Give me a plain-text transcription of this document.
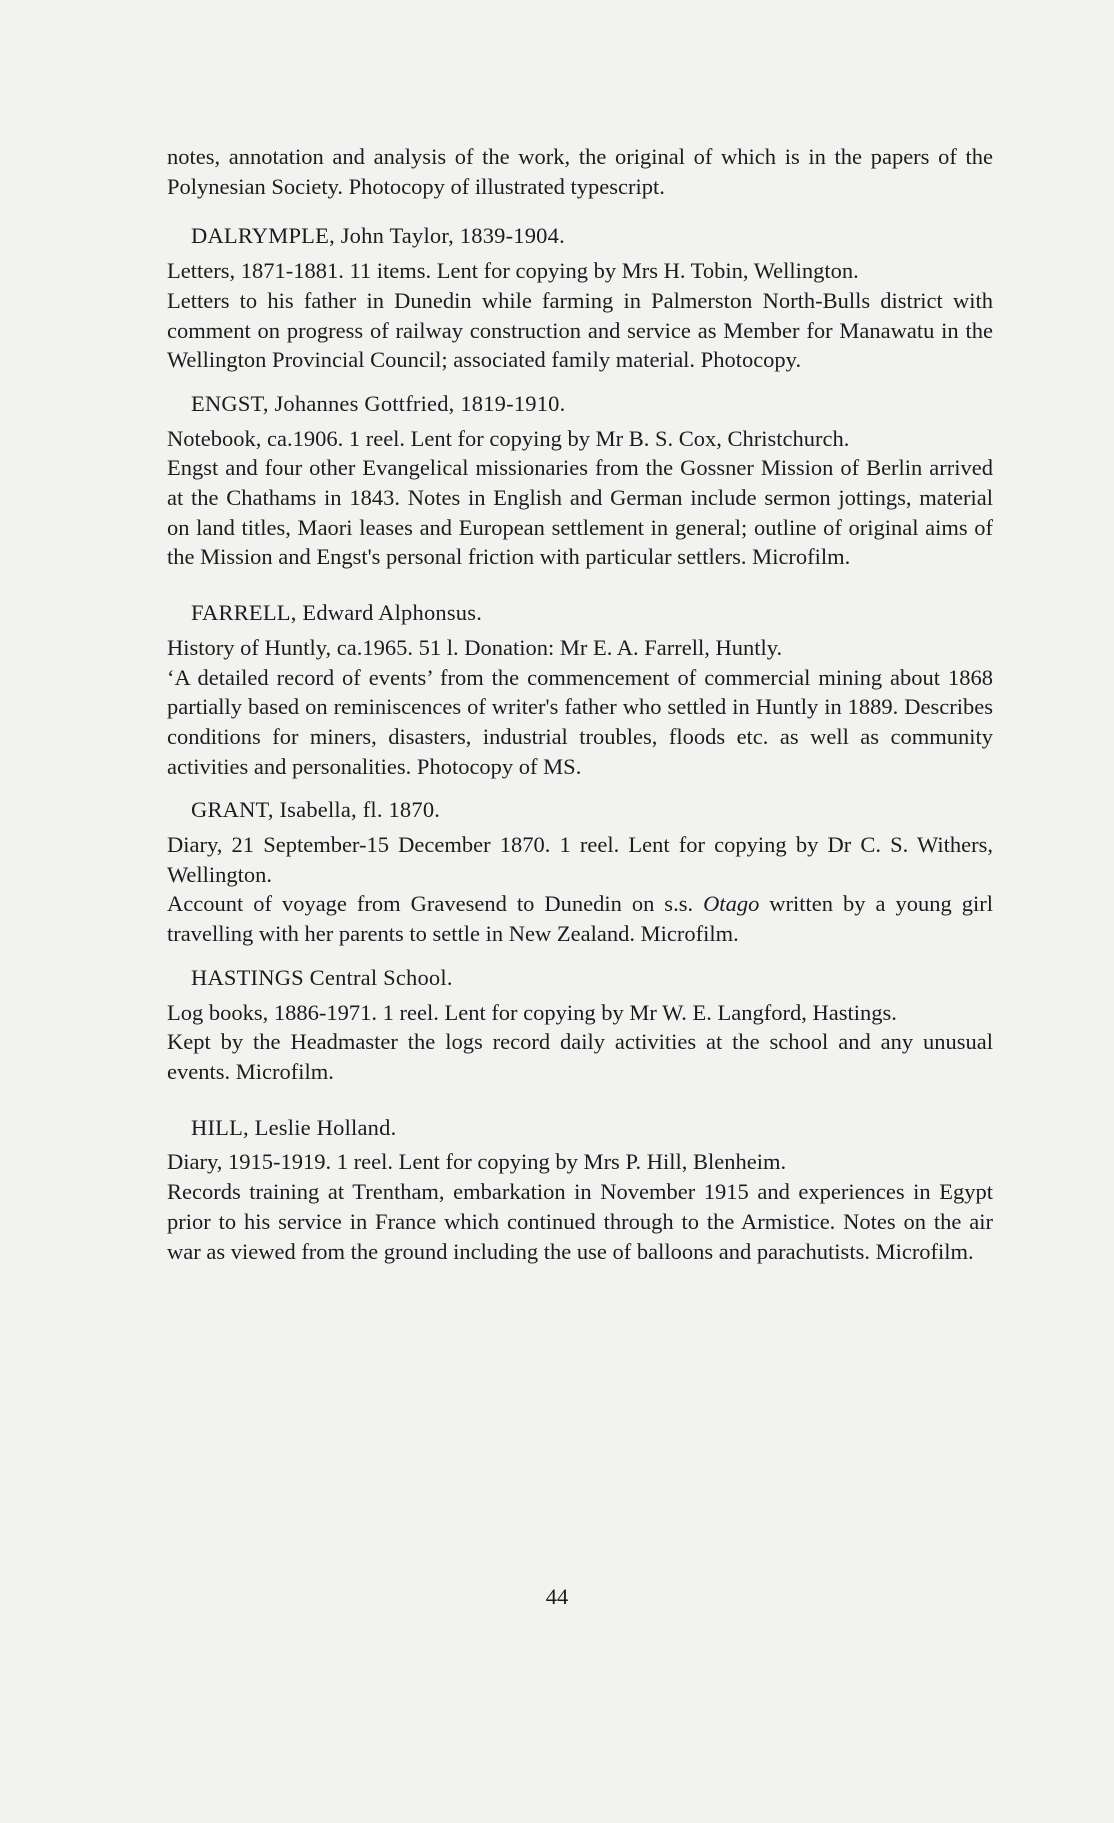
notes, annotation and analysis of the work, the original of which is in the papers of the Polynesian Society. Photocopy of illustrated typescript.

DALRYMPLE, John Taylor, 1839-1904.

Letters, 1871-1881. 11 items. Lent for copying by Mrs H. Tobin, Wellington.

Letters to his father in Dunedin while farming in Palmerston North-Bulls district with comment on progress of railway construction and service as Member for Manawatu in the Wellington Provincial Council; associated family material. Photocopy.

ENGST, Johannes Gottfried, 1819-1910.

Notebook, ca.1906. 1 reel. Lent for copying by Mr B. S. Cox, Christchurch.

Engst and four other Evangelical missionaries from the Gossner Mission of Berlin arrived at the Chathams in 1843. Notes in English and German include sermon jottings, material on land titles, Maori leases and European settlement in general; outline of original aims of the Mission and Engst's personal friction with particular settlers. Microfilm.

FARRELL, Edward Alphonsus.

History of Huntly, ca.1965. 51 l. Donation: Mr E. A. Farrell, Huntly.

‘A detailed record of events’ from the commencement of commercial mining about 1868 partially based on reminiscences of writer's father who settled in Huntly in 1889. Describes conditions for miners, disasters, industrial troubles, floods etc. as well as community activities and personalities. Photocopy of MS.

GRANT, Isabella, fl. 1870.

Diary, 21 September-15 December 1870. 1 reel. Lent for copying by Dr C. S. Withers, Wellington.

Account of voyage from Gravesend to Dunedin on s.s. Otago written by a young girl travelling with her parents to settle in New Zealand. Microfilm.

HASTINGS Central School.

Log books, 1886-1971. 1 reel. Lent for copying by Mr W. E. Langford, Hastings.

Kept by the Headmaster the logs record daily activities at the school and any unusual events. Microfilm.

HILL, Leslie Holland.

Diary, 1915-1919. 1 reel. Lent for copying by Mrs P. Hill, Blenheim.

Records training at Trentham, embarkation in November 1915 and experiences in Egypt prior to his service in France which continued through to the Armistice. Notes on the air war as viewed from the ground including the use of balloons and parachutists. Microfilm.

44
